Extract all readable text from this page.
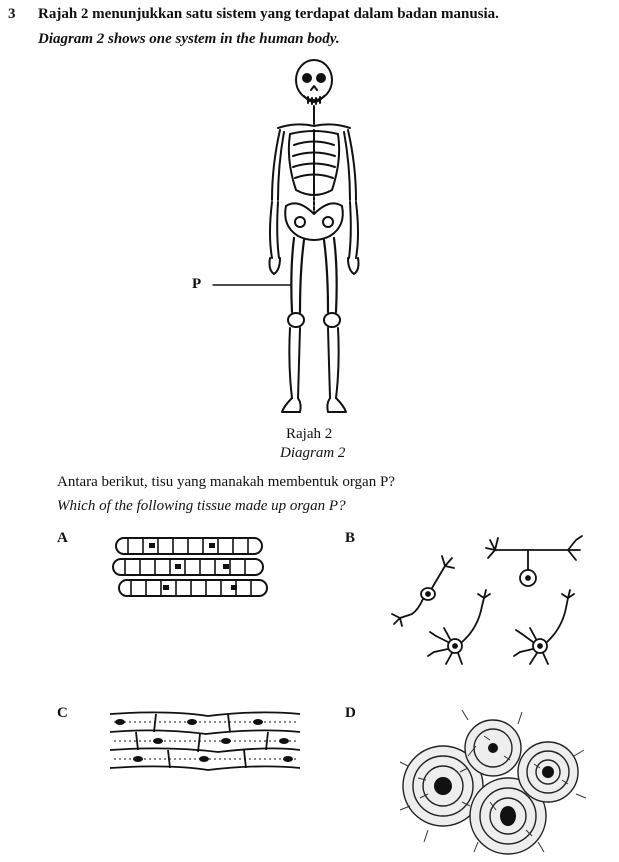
3 Rajah 2 menunjukkan satu sistem yang terdapat dalam badan manusia.
Diagram 2 shows one system in the human body.
P
Rajah 2
Diagram 2
Antara berikut, tisu yang manakah membentuk organ P?
Which of the following tissue made up organ P?
A	B
C	D
